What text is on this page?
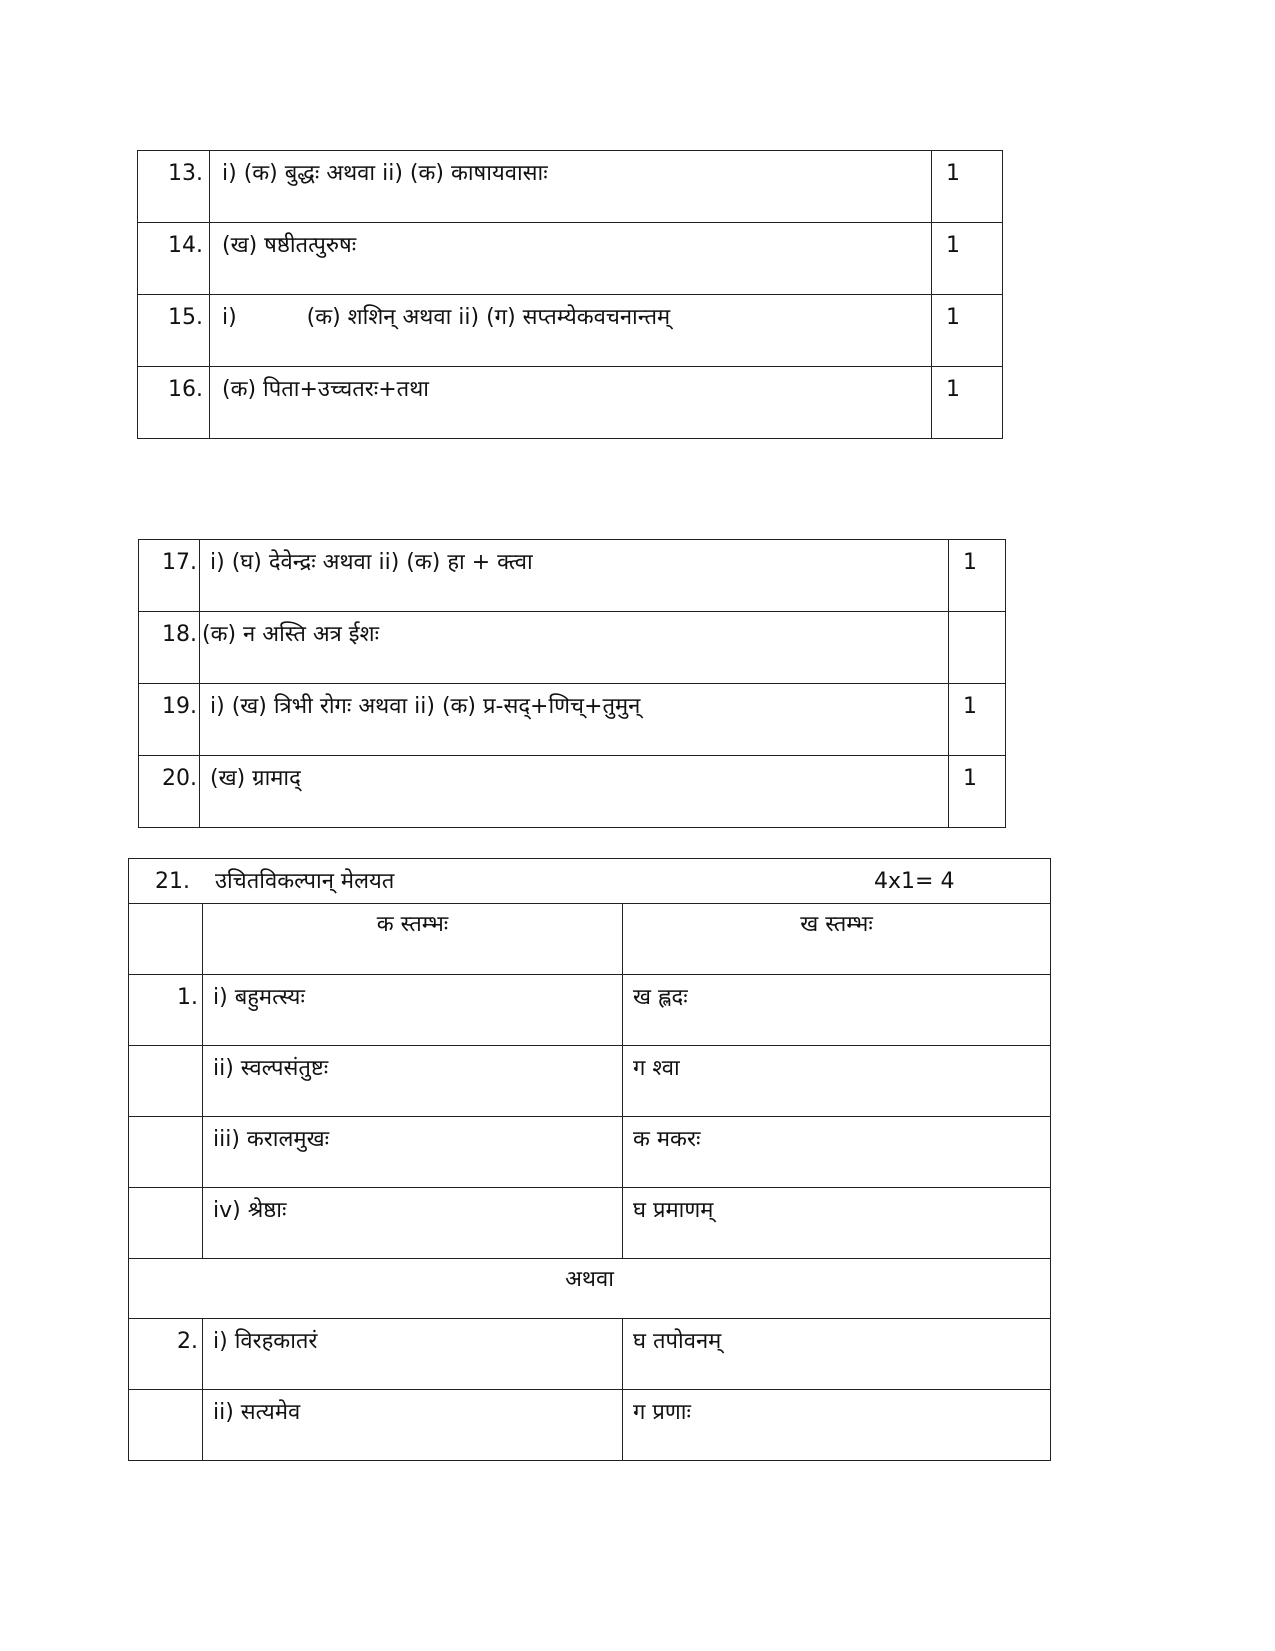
13.	i) (क) बुद्धः अथवा ii) (क) काषायवासाः	1
14.	(ख) षष्ठीतत्पुरुषः	1
15.	i)          (क) शशिन् अथवा ii) (ग) सप्तम्येकवचनान्तम्	1
16.	(क) पिता+उच्चतरः+तथा	1
17.	i) (घ) देवेन्द्रः अथवा ii) (क) हा + क्त्वा	1
18.	(क) न अस्ति अत्र ईशः	
19.	i) (ख) त्रिभी रोगः अथवा ii) (क) प्र-सद्+णिच्+तुमुन्	1
20.	(ख) ग्रामाद्	1
21. उचितविकल्पान् मेलयत 4x1= 4		

	क स्तम्भः	ख स्तम्भः
1.	i) बहुमत्स्यः	ख ह्लदः
	ii) स्वल्पसंतुष्टः	ग श्वा
	iii) करालमुखः	क मकरः
	iv) श्रेष्ठाः	घ प्रमाणम्
अथवा		
2.	i) विरहकातरं	घ तपोवनम्
	ii) सत्यमेव	ग प्रणाः
